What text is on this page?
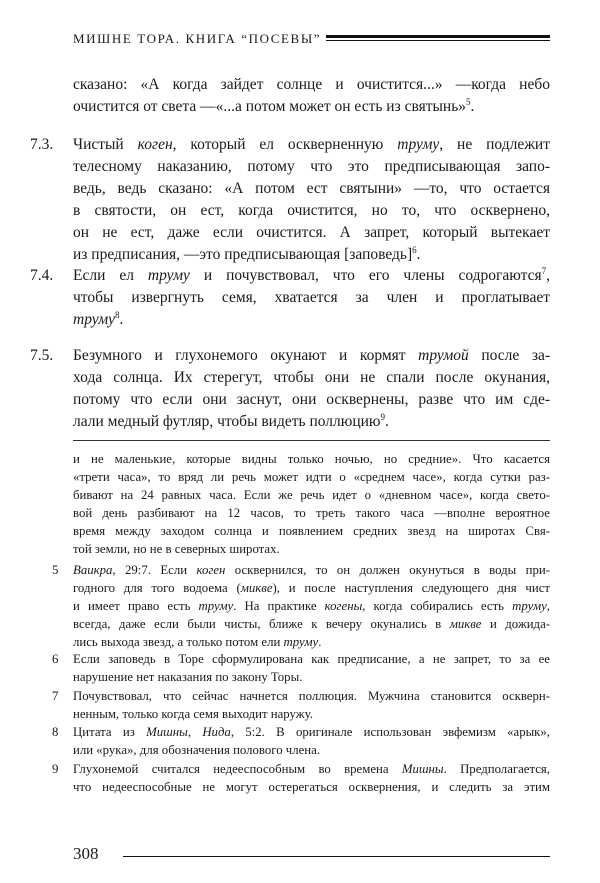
МИШНЕ ТОРА. КНИГА “ПОСЕВЫ”
сказано: «А когда зайдет солнце и очистится...» —когда небо
очистится от света —«...а потом может он есть из святынь»$^5$.
7.3.	Чистый коген, который ел оскверненную труму, не подлежит
телесному наказанию, потому что это предписывающая запо-
ведь, ведь сказано: «А потом ест святыни» —то, что остается
в святости, он ест, когда очистится, но то, что осквернено,
он не ест, даже если очистится. А запрет, который вытекает
из предписания, —это предписывающая [заповедь]$^6$.
7.4.	Если ел труму и почувствовал, что его члены содрогаются$^7$,
чтобы извергнуть семя, хватается за член и проглатывает
труму$^8$.
7.5.	Безумного и глухонемого окунают и кормят трумой после за-
хода солнца. Их стерегут, чтобы они не спали после окунания,
потому что если они заснут, они осквернены, разве что им сде-
лали медный футляр, чтобы видеть поллюцию$^9$.
и не маленькие, которые видны только ночью, но средние». Что касается
«трети часа», то вряд ли речь может идти о «среднем часе», когда сутки раз-
бивают на 24 равных часа. Если же речь идет о «дневном часе», когда свето-
вой день разбивают на 12 часов, то треть такого часа —вполне вероятное
время между заходом солнца и появлением средних звезд на широтах Свя-
той земли, но не в северных широтах.
5	Ваикра, 29:7. Если коген осквернился, то он должен окунуться в воды при-
годного для того водоема (микве), и после наступления следующего дня чист
и имеет право есть труму. На практике когены, когда собирались есть труму,
всегда, даже если были чисты, ближе к вечеру окунались в микве и дожида-
лись выхода звезд, а только потом ели труму.
6	Если заповедь в Торе сформулирована как предписание, а не запрет, то за ее
нарушение нет наказания по закону Торы.
7	Почувствовал, что сейчас начнется поллюция. Мужчина становится оскверн-
ненным, только когда семя выходит наружу.
8	Цитата из Мишны, Нида, 5:2. В оригинале использован эвфемизм «арык»,
или «рука», для обозначения полового члена.
9	Глухонемой считался недееспособным во времена Мишны. Предполагается,
что недееспособные не могут остерегаться осквернения, и следить за этим
308
